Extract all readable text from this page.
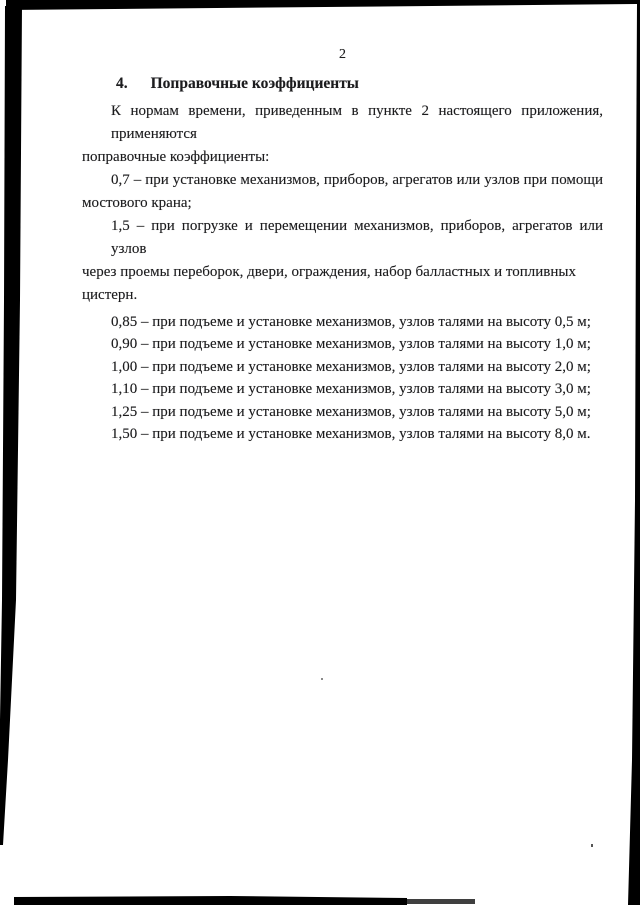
2
4. Поправочные коэффициенты

К нормам времени, приведенным в пункте 2 настоящего приложения, применяются
поправочные коэффициенты:

0,7 – при установке механизмов, приборов, агрегатов или узлов при помощи
мостового крана;

1,5 – при погрузке и перемещении механизмов, приборов, агрегатов или узлов
через проемы переборок, двери, ограждения, набор балластных и топливных цистерн.

0,85 – при подъеме и установке механизмов, узлов талями на высоту 0,5 м;
0,90 – при подъеме и установке механизмов, узлов талями на высоту 1,0 м;
1,00 – при подъеме и установке механизмов, узлов талями на высоту 2,0 м;
1,10 – при подъеме и установке механизмов, узлов талями на высоту 3,0 м;
1,25 – при подъеме и установке механизмов, узлов талями на высоту 5,0 м;
1,50 – при подъеме и установке механизмов, узлов талями на высоту 8,0 м.
